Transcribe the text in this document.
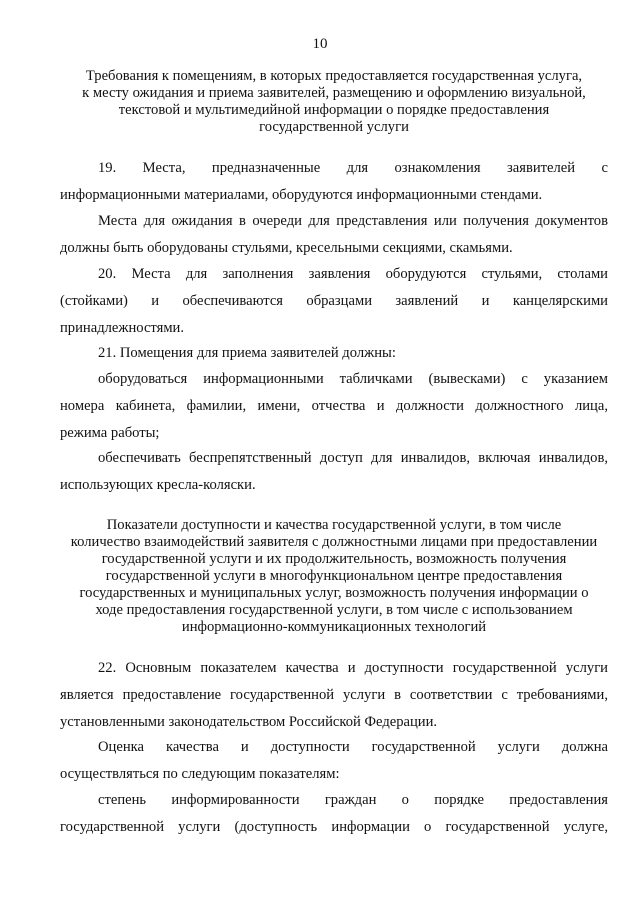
10
Требования к помещениям, в которых предоставляется государственная услуга,
к месту ожидания и приема заявителей, размещению и оформлению визуальной,
текстовой и мультимедийной информации о порядке предоставления
государственной услуги
19. Места, предназначенные для ознакомления заявителей с
информационными материалами, оборудуются информационными стендами.
Места для ожидания в очереди для представления или получения документов
должны быть оборудованы стульями, кресельными секциями, скамьями.
20. Места для заполнения заявления оборудуются стульями, столами
(стойками) и обеспечиваются образцами заявлений и канцелярскими
принадлежностями.
21. Помещения для приема заявителей должны:
оборудоваться информационными табличками (вывесками) с указанием
номера кабинета, фамилии, имени, отчества и должности должностного лица,
режима работы;
обеспечивать беспрепятственный доступ для инвалидов, включая инвалидов,
использующих кресла-коляски.
Показатели доступности и качества государственной услуги, в том числе
количество взаимодействий заявителя с должностными лицами при предоставлении
государственной услуги и их продолжительность, возможность получения
государственной услуги в многофункциональном центре предоставления
государственных и муниципальных услуг, возможность получения информации о
ходе предоставления государственной услуги, в том числе с использованием
информационно-коммуникационных технологий
22. Основным показателем качества и доступности государственной услуги
является предоставление государственной услуги в соответствии с требованиями,
установленными законодательством Российской Федерации.
Оценка качества и доступности государственной услуги должна
осуществляться по следующим показателям:
степень информированности граждан о порядке предоставления
государственной услуги (доступность информации о государственной услуге,
